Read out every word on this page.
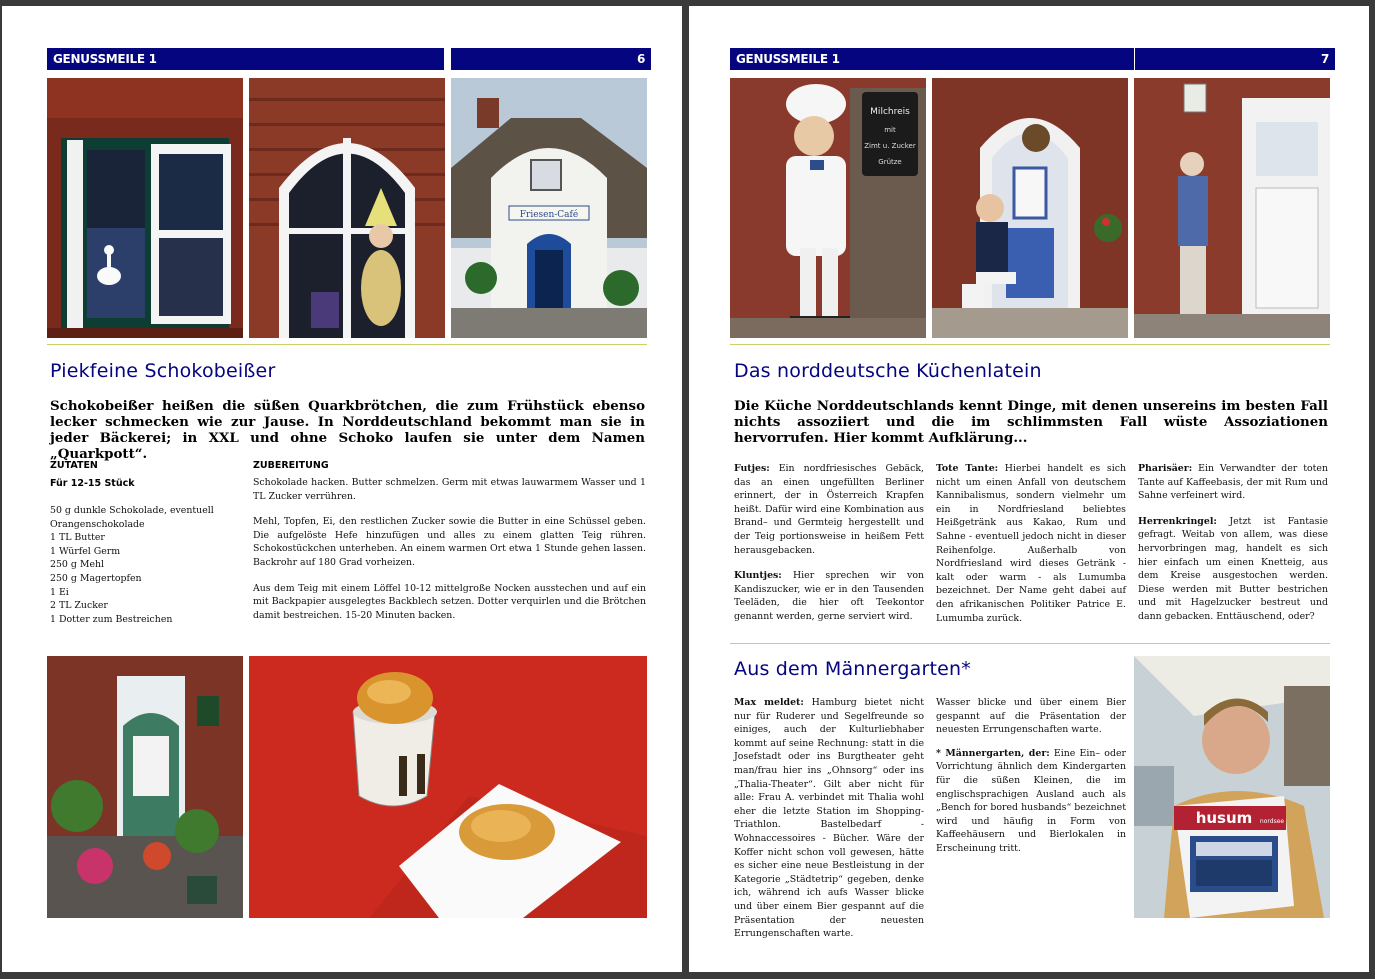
GENUSSMEILE 1	6
Friesen-Café
Piekfeine Schokobeißer
Schokobeißer heißen die süßen Quarkbrötchen, die zum Frühstück ebenso lecker schmecken wie zur Jause. In Norddeutschland bekommt man sie in jeder Bäckerei; in XXL und ohne Schoko laufen sie unter dem Namen „Quarkpott“.
ZUTATEN
Für 12-15 Stück
50 g dunkle Schokolade, eventuell
Orangenschokolade
1 TL Butter
1 Würfel Germ
250 g Mehl
250 g Magertopfen
1 Ei
2 TL Zucker
1 Dotter zum Bestreichen
ZUBEREITUNG

Schokolade hacken. Butter schmelzen. Germ mit etwas lauwarmem Wasser und 1 TL Zucker verrühren.

Mehl, Topfen, Ei, den restlichen Zucker sowie die Butter in eine Schüssel geben. Die aufgelöste Hefe hinzufügen und alles zu einem glatten Teig rühren. Schokostückchen unterheben. An einem warmen Ort etwa 1 Stunde gehen lassen. Backrohr auf 180 Grad vorheizen.

Aus dem Teig mit einem Löffel 10-12 mittelgroße Nocken ausstechen und auf ein mit Backpapier ausgelegtes Backblech setzen. Dotter verquirlen und die Brötchen damit bestreichen. 15-20 Minuten backen.

GENUSSMEILE 1	7
Milchreis
mit
Zimt u. Zucker
Grütze
Das norddeutsche Küchenlatein
Die Küche Norddeutschlands kennt Dinge, mit denen unsereins im besten Fall nichts assoziiert und die im schlimmsten Fall wüste Assoziationen hervorrufen. Hier kommt Aufklärung...

Futjes: Ein nordfriesisches Gebäck, das an einen ungefüllten Berliner erinnert, der in Österreich Krapfen heißt. Dafür wird eine Kombination aus Brand– und Germteig hergestellt und der Teig portionsweise in heißem Fett herausgebacken.

Kluntjes: Hier sprechen wir von Kandiszucker, wie er in den Tausenden Teeläden, die hier oft Teekontor genannt werden, gerne serviert wird.

Tote Tante: Hierbei handelt es sich nicht um einen Anfall von deutschem Kannibalismus, sondern vielmehr um ein in Nordfriesland beliebtes Heißgetränk aus Kakao, Rum und Sahne - eventuell jedoch nicht in dieser Reihenfolge. Außerhalb von Nordfriesland wird dieses Getränk - kalt oder warm - als Lumumba bezeichnet. Der Name geht dabei auf den afrikanischen Politiker Patrice E. Lumumba zurück.

Pharisäer: Ein Verwandter der toten Tante auf Kaffeebasis, der mit Rum und Sahne verfeinert wird.

Herrenkringel: Jetzt ist Fantasie gefragt. Weitab von allem, was diese hervorbringen mag, handelt es sich hier einfach um einen Knetteig, aus dem Kreise ausgestochen werden. Diese werden mit Butter bestrichen und mit Hagelzucker bestreut und dann gebacken. Enttäuschend, oder?

Aus dem Männergarten*
Max meldet: Hamburg bietet nicht nur für Ruderer und Segelfreunde so einiges, auch der Kulturliebhaber kommt auf seine Rechnung: statt in die Josefstadt oder ins Burgtheater geht man/frau hier ins „Ohnsorg“ oder ins „Thalia-Theater“. Gilt aber nicht für alle: Frau A. verbindet mit Thalia wohl eher die letzte Station im Shopping-Triathlon. Bastelbedarf - Wohnaccessoires - Bücher. Wäre der Koffer nicht schon voll gewesen, hätte es sicher eine neue Bestleistung in der Kategorie „Städtetrip“ gegeben, denke ich, während ich aufs Wasser blicke und über einem Bier gespannt auf die Präsentation der neuesten Errungenschaften warte.

Wasser blicke und über einem Bier gespannt auf die Präsentation der neuesten Errungenschaften warte.

* Männergarten, der: Eine Ein– oder Vorrichtung ähnlich dem Kindergarten für die süßen Kleinen, die im englischsprachigen Ausland auch als „Bench for bored husbands“ bezeichnet wird und häufig in Form von Kaffeehäusern und Bierlokalen in Erscheinung tritt.

husum nordsee
